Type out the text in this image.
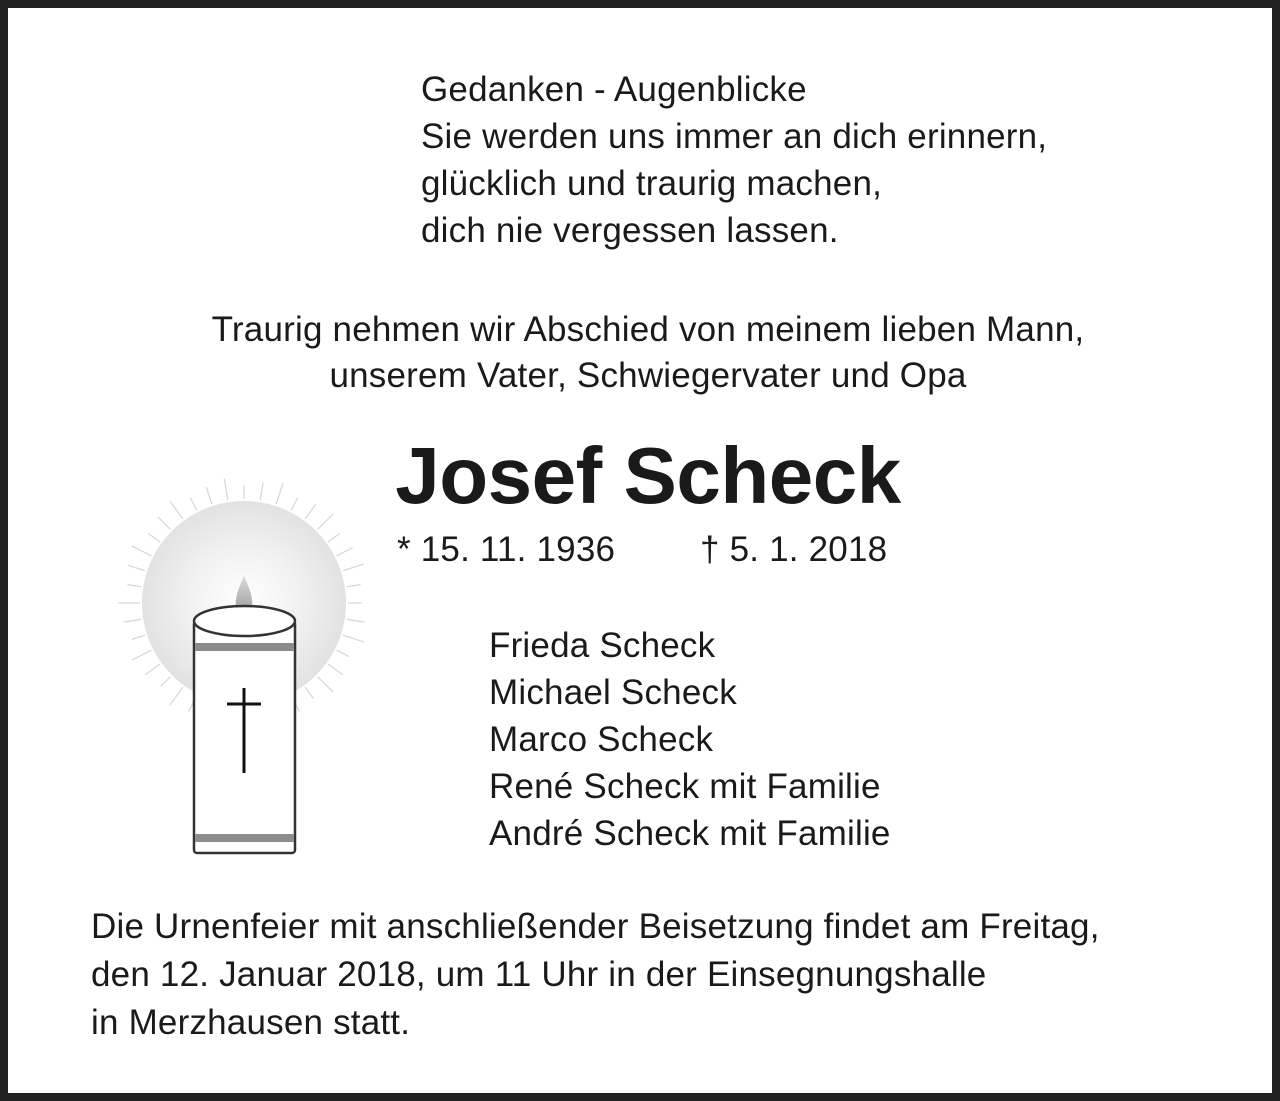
Gedanken - Augenblicke
Sie werden uns immer an dich erinnern,
glücklich und traurig machen,
dich nie vergessen lassen.
Traurig nehmen wir Abschied von meinem lieben Mann,
unserem Vater, Schwiegervater und Opa
Josef Scheck
* 15. 11. 1936 † 5. 1. 2018
Frieda Scheck
Michael Scheck
Marco Scheck
René Scheck mit Familie
André Scheck mit Familie
Die Urnenfeier mit anschließender Beisetzung findet am Freitag,
den 12. Januar 2018, um 11 Uhr in der Einsegnungshalle
in Merzhausen statt.
